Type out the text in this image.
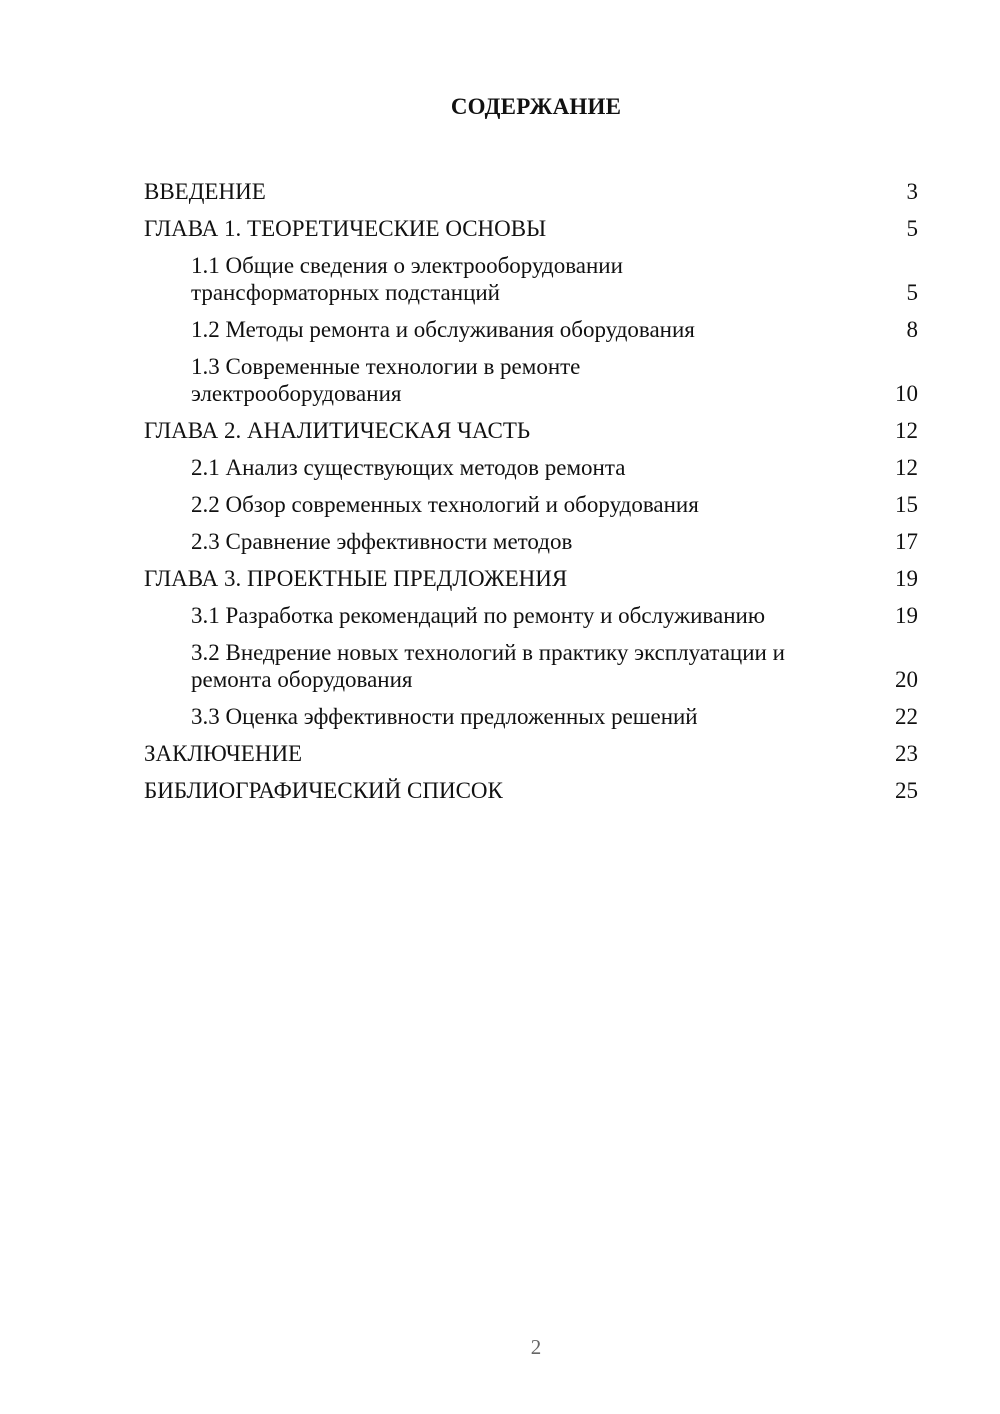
СОДЕРЖАНИЕ
ВВЕДЕНИЕ	3
ГЛАВА 1. ТЕОРЕТИЧЕСКИЕ ОСНОВЫ	5
1.1 Общие сведения о электрооборудовании трансформаторных подстанций	5
1.2 Методы ремонта и обслуживания оборудования	8
1.3 Современные технологии в ремонте электрооборудования	10
ГЛАВА 2. АНАЛИТИЧЕСКАЯ ЧАСТЬ	12
2.1 Анализ существующих методов ремонта	12
2.2 Обзор современных технологий и оборудования	15
2.3 Сравнение эффективности методов	17
ГЛАВА 3. ПРОЕКТНЫЕ ПРЕДЛОЖЕНИЯ	19
3.1 Разработка рекомендаций по ремонту и обслуживанию	19
3.2 Внедрение новых технологий в практику эксплуатации и ремонта оборудования	20
3.3 Оценка эффективности предложенных решений	22
ЗАКЛЮЧЕНИЕ	23
БИБЛИОГРАФИЧЕСКИЙ СПИСОК	25
2
